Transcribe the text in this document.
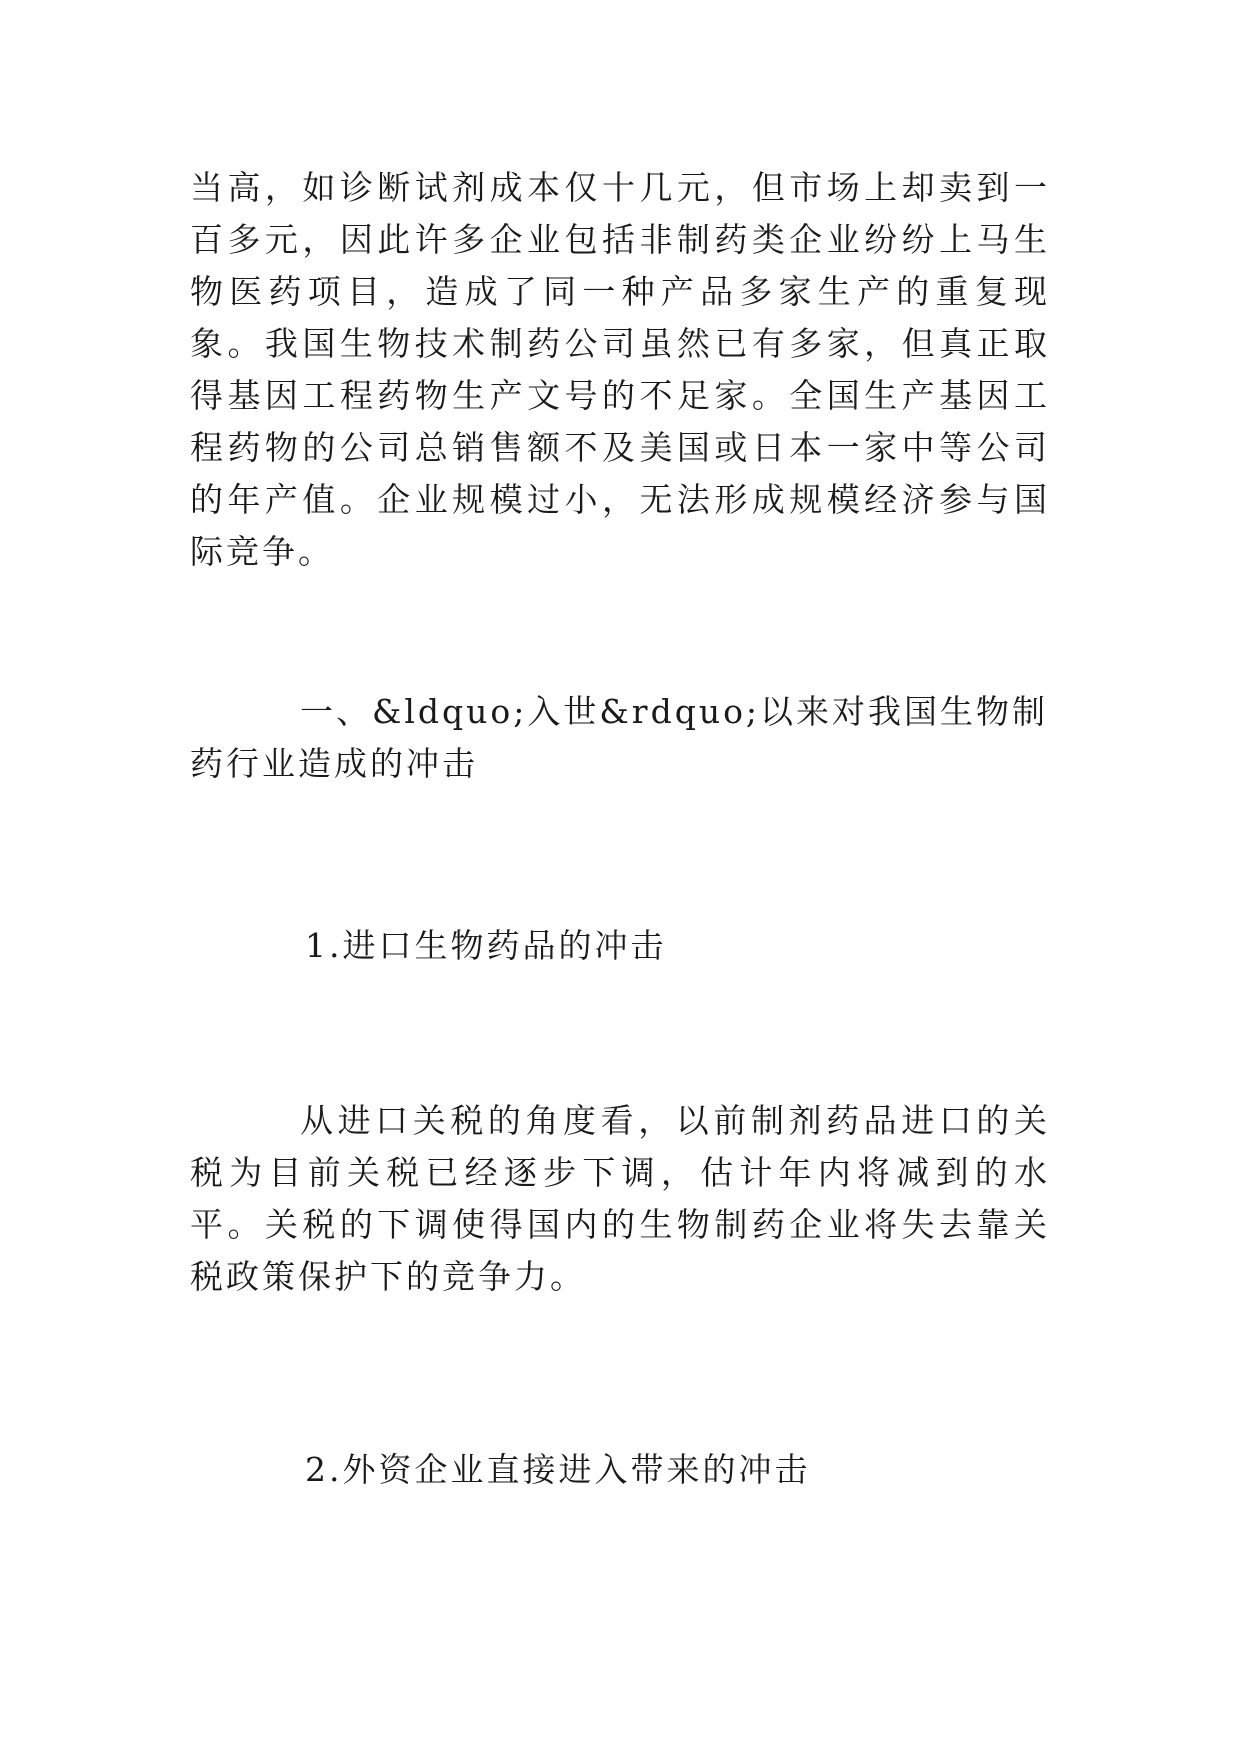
当高，如诊断试剂成本仅十几元，但市场上却卖到一百多元，因此许多企业包括非制药类企业纷纷上马生物医药项目，造成了同一种产品多家生产的重复现象。我国生物技术制药公司虽然已有多家，但真正取得基因工程药物生产文号的不足家。全国生产基因工程药物的公司总销售额不及美国或日本一家中等公司的年产值。企业规模过小，无法形成规模经济参与国际竞争。

一、&ldquo;入世&rdquo;以来对我国生物制药行业造成的冲击
1.进口生物药品的冲击

从进口关税的角度看，以前制剂药品进口的关税为目前关税已经逐步下调，估计年内将减到的水平。关税的下调使得国内的生物制药企业将失去靠关税政策保护下的竞争力。

2.外资企业直接进入带来的冲击
